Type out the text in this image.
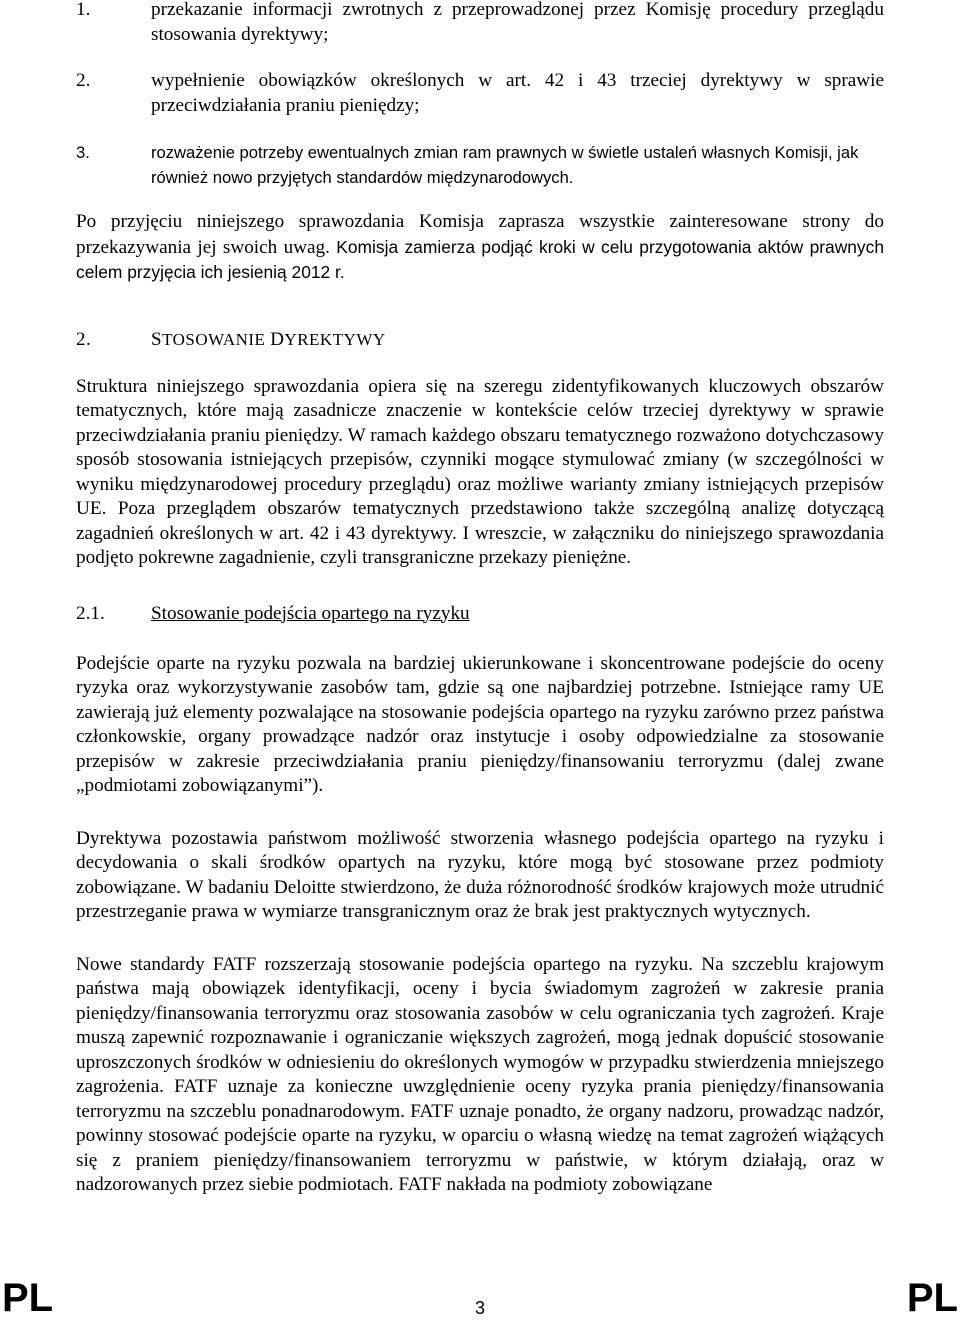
1.	przekazanie informacji zwrotnych z przeprowadzonej przez Komisję procedury przeglądu stosowania dyrektywy;
2.	wypełnienie obowiązków określonych w art. 42 i 43 trzeciej dyrektywy w sprawie przeciwdziałania praniu pieniędzy;
3.	rozważenie potrzeby ewentualnych zmian ram prawnych w świetle ustaleń własnych Komisji, jak również nowo przyjętych standardów międzynarodowych.

Po przyjęciu niniejszego sprawozdania Komisja zaprasza wszystkie zainteresowane strony do przekazywania jej swoich uwag. Komisja zamierza podjąć kroki w celu przygotowania aktów prawnych celem przyjęcia ich jesienią 2012 r.

2.	STOSOWANIE DYREKTYWY

Struktura niniejszego sprawozdania opiera się na szeregu zidentyfikowanych kluczowych obszarów tematycznych, które mają zasadnicze znaczenie w kontekście celów trzeciej dyrektywy w sprawie przeciwdziałania praniu pieniędzy. W ramach każdego obszaru tematycznego rozważono dotychczasowy sposób stosowania istniejących przepisów, czynniki mogące stymulować zmiany (w szczególności w wyniku międzynarodowej procedury przeglądu) oraz możliwe warianty zmiany istniejących przepisów UE. Poza przeglądem obszarów tematycznych przedstawiono także szczególną analizę dotyczącą zagadnień określonych w art. 42 i 43 dyrektywy. I wreszcie, w załączniku do niniejszego sprawozdania podjęto pokrewne zagadnienie, czyli transgraniczne przekazy pieniężne.

2.1. Stosowanie podejścia opartego na ryzyku

Podejście oparte na ryzyku pozwala na bardziej ukierunkowane i skoncentrowane podejście do oceny ryzyka oraz wykorzystywanie zasobów tam, gdzie są one najbardziej potrzebne. Istniejące ramy UE zawierają już elementy pozwalające na stosowanie podejścia opartego na ryzyku zarówno przez państwa członkowskie, organy prowadzące nadzór oraz instytucje i osoby odpowiedzialne za stosowanie przepisów w zakresie przeciwdziałania praniu pieniędzy/finansowaniu terroryzmu (dalej zwane „podmiotami zobowiązanymi”).

Dyrektywa pozostawia państwom możliwość stworzenia własnego podejścia opartego na ryzyku i decydowania o skali środków opartych na ryzyku, które mogą być stosowane przez podmioty zobowiązane. W badaniu Deloitte stwierdzono, że duża różnorodność środków krajowych może utrudnić przestrzeganie prawa w wymiarze transgranicznym oraz że brak jest praktycznych wytycznych.

Nowe standardy FATF rozszerzają stosowanie podejścia opartego na ryzyku. Na szczeblu krajowym państwa mają obowiązek identyfikacji, oceny i bycia świadomym zagrożeń w zakresie prania pieniędzy/finansowania terroryzmu oraz stosowania zasobów w celu ograniczania tych zagrożeń. Kraje muszą zapewnić rozpoznawanie i ograniczanie większych zagrożeń, mogą jednak dopuścić stosowanie uproszczonych środków w odniesieniu do określonych wymogów w przypadku stwierdzenia mniejszego zagrożenia. FATF uznaje za konieczne uwzględnienie oceny ryzyka prania pieniędzy/finansowania terroryzmu na szczeblu ponadnarodowym. FATF uznaje ponadto, że organy nadzoru, prowadząc nadzór, powinny stosować podejście oparte na ryzyku, w oparciu o własną wiedzę na temat zagrożeń wiążących się z praniem pieniędzy/finansowaniem terroryzmu w państwie, w którym działają, oraz w nadzorowanych przez siebie podmiotach. FATF nakłada na podmioty zobowiązane

PL	3	PL
